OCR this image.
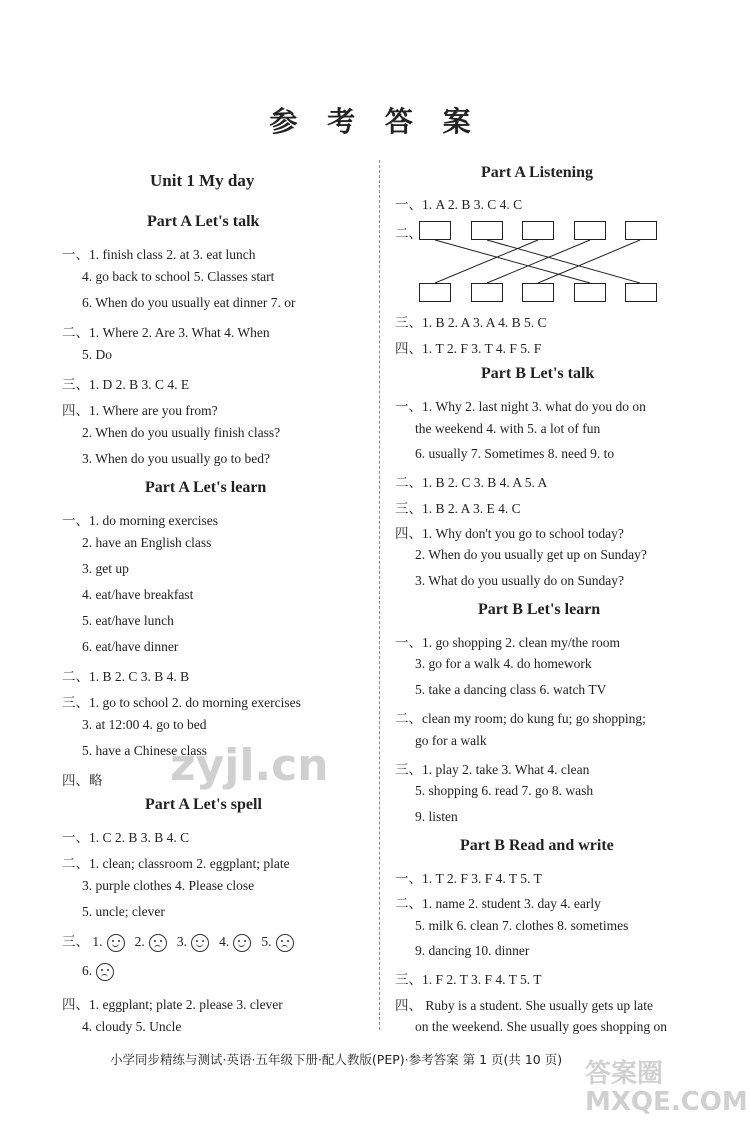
参 考 答 案
Unit 1 My day
Part A Let's talk
一、1. finish class 2. at 3. eat lunch
4. go back to school 5. Classes start
6. When do you usually eat dinner 7. or
二、1. Where 2. Are 3. What 4. When
5. Do
三、1. D 2. B 3. C 4. E
四、1. Where are you from?
2. When do you usually finish class?
3. When do you usually go to bed?
Part A Let's learn
一、1. do morning exercises
2. have an English class
3. get up
4. eat/have breakfast
5. eat/have lunch
6. eat/have dinner
二、1. B 2. C 3. B 4. B
三、1. go to school 2. do morning exercises
3. at 12:00 4. go to bed
5. have a Chinese class
四、略
Part A Let's spell
一、1. C 2. B 3. B 4. C
二、1. clean; classroom 2. eggplant; plate
3. purple clothes 4. Please close
5. uncle; clever
三、 1. 2. 3. 4. 5.
6.
四、1. eggplant; plate 2. please 3. clever
4. cloudy 5. Uncle
Part A Listening
一、1. A 2. B 3. C 4. C
二、
三、1. B 2. A 3. A 4. B 5. C
四、1. T 2. F 3. T 4. F 5. F
Part B Let's talk
一、1. Why 2. last night 3. what do you do on
the weekend 4. with 5. a lot of fun
6. usually 7. Sometimes 8. need 9. to
二、1. B 2. C 3. B 4. A 5. A
三、1. B 2. A 3. E 4. C
四、1. Why don't you go to school today?
2. When do you usually get up on Sunday?
3. What do you usually do on Sunday?
Part B Let's learn
一、1. go shopping 2. clean my/the room
3. go for a walk 4. do homework
5. take a dancing class 6. watch TV
二、clean my room; do kung fu; go shopping;
go for a walk
三、1. play 2. take 3. What 4. clean
5. shopping 6. read 7. go 8. wash
9. listen
Part B Read and write
一、1. T 2. F 3. F 4. T 5. T
二、1. name 2. student 3. day 4. early
5. milk 6. clean 7. clothes 8. sometimes
9. dancing 10. dinner
三、1. F 2. T 3. F 4. T 5. T
四、 Ruby is a student. She usually gets up late
on the weekend. She usually goes shopping on
小学同步精练与测试·英语·五年级下册·配人教版(PEP)·参考答案 第 1 页(共 10 页)
zyjl.cn
答案圈 MXQE.COM
